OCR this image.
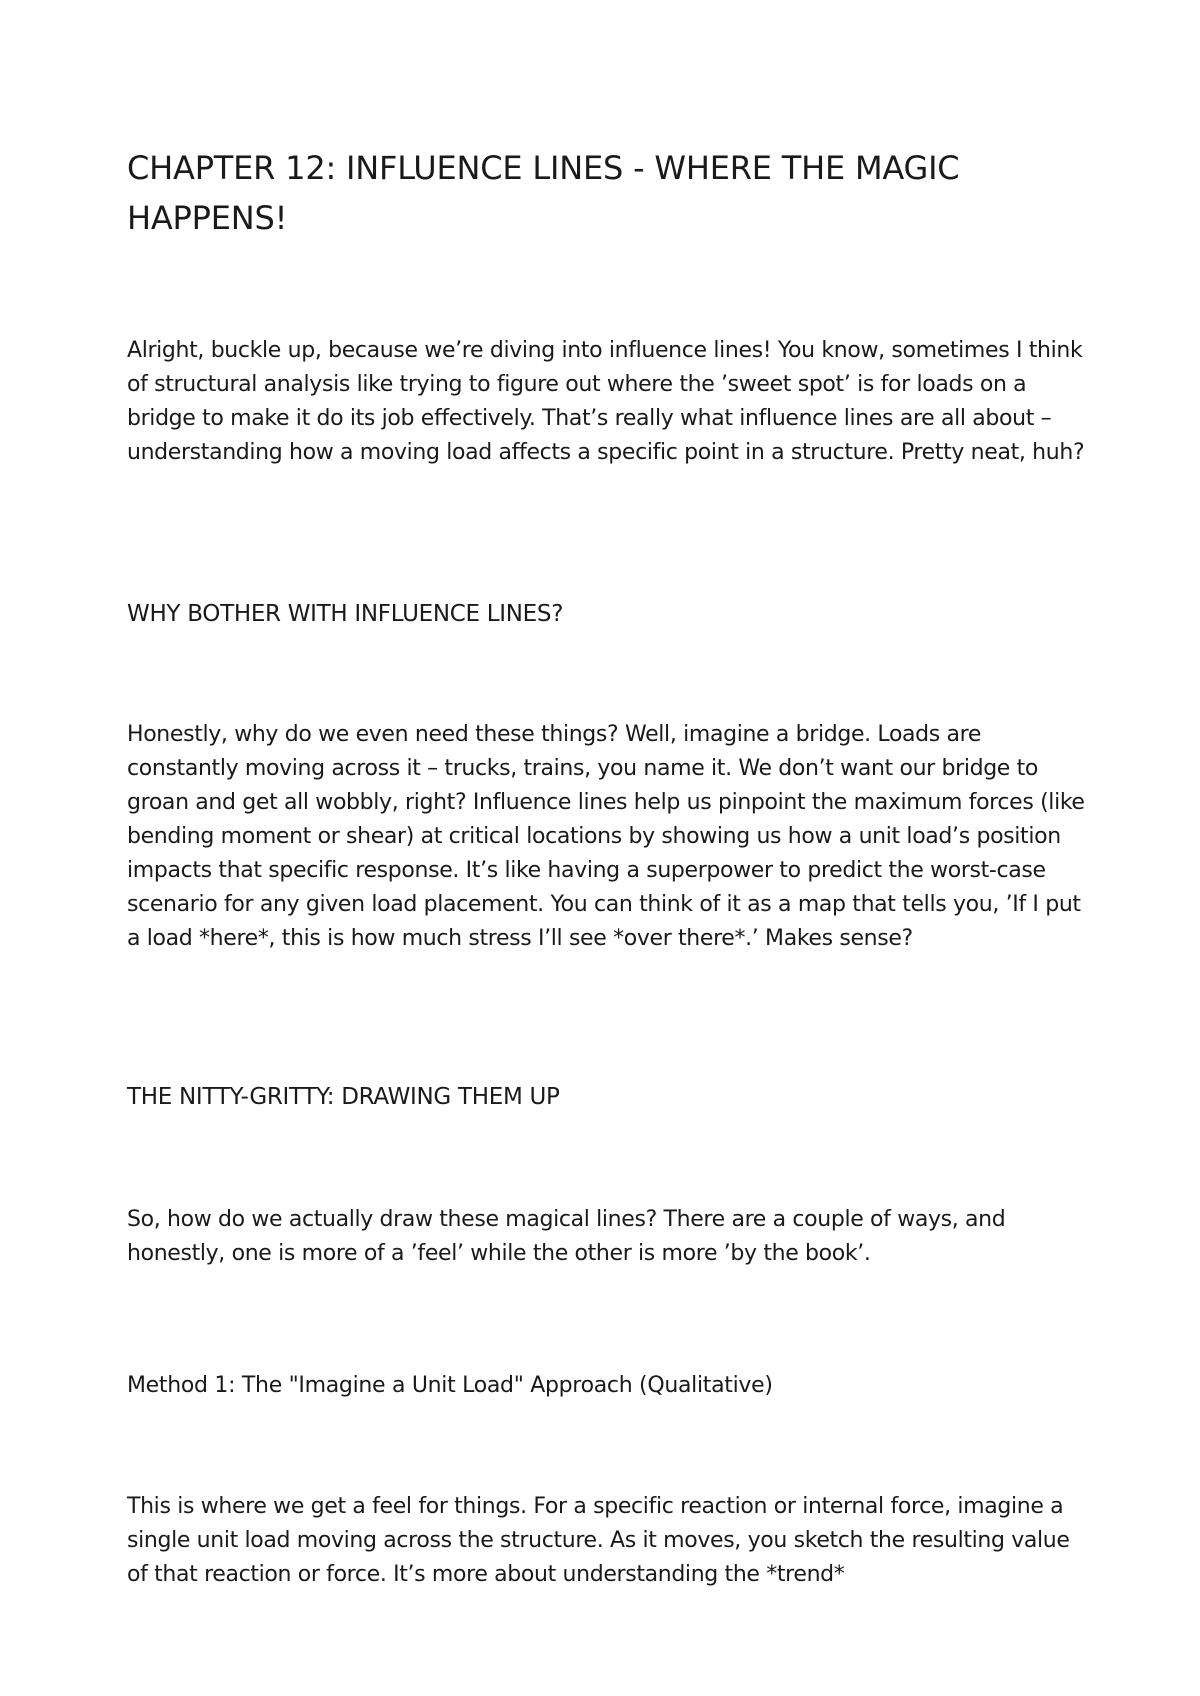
CHAPTER 12: INFLUENCE LINES - WHERE THE MAGIC HAPPENS!

Alright, buckle up, because we’re diving into influence lines! You know, sometimes I think of structural analysis like trying to figure out where the ’sweet spot’ is for loads on a bridge to make it do its job effectively. That’s really what influence lines are all about – understanding how a moving load affects a specific point in a structure. Pretty neat, huh?

WHY BOTHER WITH INFLUENCE LINES?

Honestly, why do we even need these things? Well, imagine a bridge. Loads are constantly moving across it – trucks, trains, you name it. We don’t want our bridge to groan and get all wobbly, right? Influence lines help us pinpoint the maximum forces (like bending moment or shear) at critical locations by showing us how a unit load’s position impacts that specific response. It’s like having a superpower to predict the worst-case scenario for any given load placement. You can think of it as a map that tells you, ’If I put a load *here*, this is how much stress I’ll see *over there*.’ Makes sense?

THE NITTY-GRITTY: DRAWING THEM UP

So, how do we actually draw these magical lines? There are a couple of ways, and honestly, one is more of a ’feel’ while the other is more ’by the book’.

Method 1: The "Imagine a Unit Load" Approach (Qualitative)

This is where we get a feel for things. For a specific reaction or internal force, imagine a single unit load moving across the structure. As it moves, you sketch the resulting value of that reaction or force. It’s more about understanding the *trend*
